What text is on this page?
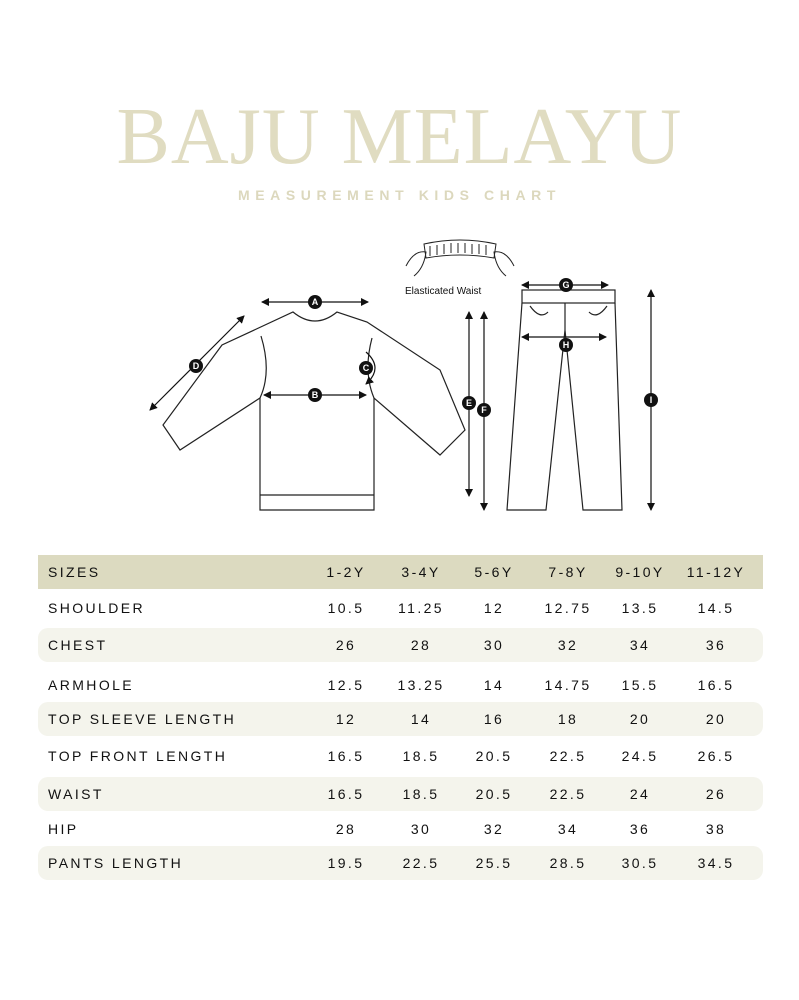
BAJU MELAYU
MEASUREMENT KIDS CHART
A
B
C
D
E
F
G
H
I
Elasticated Waist
SIZES	1-2Y	3-4Y	5-6Y	7-8Y	9-10Y	11-12Y
SHOULDER	10.5	11.25	12	12.75	13.5	14.5
CHEST	26	28	30	32	34	36
ARMHOLE	12.5	13.25	14	14.75	15.5	16.5
TOP SLEEVE LENGTH	12	14	16	18	20	20
TOP FRONT LENGTH	16.5	18.5	20.5	22.5	24.5	26.5
WAIST	16.5	18.5	20.5	22.5	24	26
HIP	28	30	32	34	36	38
PANTS LENGTH	19.5	22.5	25.5	28.5	30.5	34.5
